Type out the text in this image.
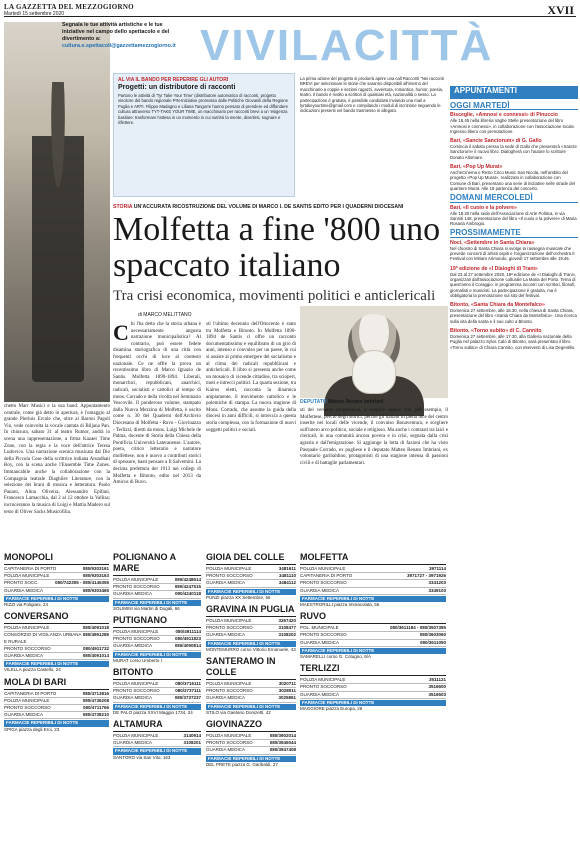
LA GAZZETTA DEL MEZZOGIORNO
Martedì 15 settembre 2020	XVII
Segnala le tue attività artistiche e le tue iniziative nel campo dello spettacolo e del divertimento a:
cultura.e.spettacoli@gazzettamezzogiorno.it VIVILACITTÀ
AL VIA IL BANDO PER REPERIRE GLI AUTORI
Progetti: un distributore di racconti
Partono le attività di 'Tyr Take Your Time' (distributore automatico di racconti, progetto vincitore del bando regionale PIN-Iniziative promosso dalle Politiche Giovanili della Regione Puglia e ARTI. Filippo Madagno e Liliana Tangorre hanno pensato di prendere ed diffondere cultura attraverso TYT-TAKE YOUR TIME, un macchinario per racconti brevi a un 'esigenza basilare: trasformare l'attesa in un momento in cui nutrirsi la mente, divertirsi, sognare e riflettere.
La prima azione del progetto si produrrà aprire una call Racconti "Nei racconti BREVI per selezionare le storie che saranno disponibili all'interno del macchinario a coppie e sezioni ragazzi, avventura, romantico, humor, poesia, teatro. Il bando è rivolto a scrittori di qualsiasi età, nazionalità o sesso. La partecipazione è gratuita, è possibile candidarsi inviando una mail a tyrtakeyourtime@gmail.com e compilando i moduli di iscrizione seguendo le indicazioni presenti nel bando trasmesso in allegato.
STORIA UN'ACCURATA RICOSTRUZIONE DEL VOLUME DI MARCO I. DE SANTIS EDITO PER I QUADERNI DIOCESANI
Molfetta a fine '800 uno spaccato italiano
Tra crisi economica, movimenti politici e anticlericali
di MARCO MELITTANO
chetto Marr Musici e la sua band. Appuntamento centrale, come già detto in apertura, è l'omaggio al grande Pierluis Ercole che, oltre ai Baroni Pagoli Viu, vede coinvolta la vocale cantata di Biljana Pan. In chiusura, sabato 31 al teatro Rumor, andrà in scena una rappresentazione, a firma Kazaer Time Zone, con la regia e la voce dell'attrice Teresa Ludovico. Una narrazione scenica musicata dal Dio della Piccola Cose della scrittrice indiana Arundhati Roy, con la scena anche l'Ensemble Time Zones. Immancabile anche la collaborazione con la Compagnia teatrale Diaghilev Literature, con la selezione dei brani di musica e letteratura. Paolo Panaro, Alina Oliveira, Alessandro Epifani, Francesco Lamacchia, dal 2 al 12 ottobre la Vallisa; incroceranno la musica di Luigi e Mattia Madero sul testo di Oliver Sacks Musicofilia.
C hi l'ha detto che la storia urbana è necessariamente angusta narrazione municipalistica? Al contrario, può essere fedele disamina storiografica di una città con frequenti occhi di luce al contesto nazionale. Ce ne offre la prova un recentissimo libro di Marco Ignazio de Santis. Molfetta 1890-1894. Liberali, monarchici, repubblicani, anarchici, radicali, socialisti e cattolici al tempo di mons. Corrado e della rivolta nel Seminario Vescovile. Il ponderoso volume, stampato dalla Nuova Mezzina di Molfetta, è uscito come n. 30 dei Quaderni dell'Archivio Diocesano di Molfetta - Ruvo - Giovinazzo - Terlizzi, diretti da mons. Luigi Michele de Palma, docente di Storia della Chiesa della Pontificia Università Lateranense. L'autore, poeta, critico letterario e narratore molfettese, non è nuovo a contributi storici di spessore, basti pensare a Il Salvemini. La decima prefettura del 1913 nei collegi di Molfetta e Bitonto, edito nel 2013 da Amicus di Ruvo.
sti l'ultimo decennio dell'Ottocento è stato tra Molfetta e Bitonto. In Molfetta 1890-1894 de Santis ci offre un racconto documentatissimo e equilibrato di un giro di anni, intenso e convulso per un paese, in cui si assiste al primo emergere del socialismo e al clima dei radicali repubblicani e anticlericali. Il libro si presenta anche come un mosaico di vicende cittadine, tra scioperi, moti e intrecci politici. La quarta sezione, tra Kairos eletti, racconta la dinamica ampiamente, il movimento cattolico e le polemiche di stampa. La nuova stagione di Mons. Corrado, che assume la guida della diocesi in anni difficili, si intreccia a questa storia complessa, con la formazione di nuovi soggetti politici e sociali.
DEPUTATO Matteo Renato Imbriani
sti del versante progressista, a scoprire sapere che, per esempio, il Molfettese, perciò degli storici, perché gli italiani in piena luce del centro inserite nei locali delle vicende, il convulso Bonaventura, e scegliere sull'intero arco politico, sociale e religioso. Ma anche i contrasti tra laici e clericali, in una comunità ancora povera e in crisi, segnata dalla crisi agraria e dall'emigrazione. Si aggiunge la lotta di fazioni che ha visto Pasquale Corrado, ex pugliese e il deputato Matteo Renato Imbriani, ex volontario garibaldino, protagonisti di una stagione intensa di passioni civili e di battaglie parlamentari.
MONOPOLI
CAPITANERIA DI PORTO	080/9303161
POLIZIA MUNICIPALE	080/9303163
PRONTO SOCC.	080/742305 - 080/4145355
GUARDIA MEDICA	080/9303465
FARMACIE REPERIBILI DI NOTTE
RIZZI via Poligiani, 24
CONVERSANO
POLIZIA MUNICIPALE	080/4091018
CONSORZIO DI VIGILANZA URBANA E RURALE
080/4951286
PRONTO SOCCORSO	080/4911732
GUARDIA MEDICA	080/4091014
FARMACIE REPERIBILI DI NOTTE
VILELLA piazza Castello, 24
MOLA DI BARI
CAPITANERIA DI PORTO	080/4713816
POLIZIA MUNICIPALE	080/4736208
PRONTO SOCCORSO	080/4711766
GUARDIA MEDICA	080/4738210
FARMACIE REPERIBILI DI NOTTE
SPIGA piazza degli Eroi, 23
POLIGNANO A MARE
POLIZIA MUNICIPALE	080/4248614
PRONTO SOCCORSO	080/4247515
GUARDIA MEDICA	080/4240118
FARMACIE REPERIBILI DI NOTTE
SOLIMINI via Martiri di Dogali, 66
PUTIGNANO
POLIZIA MUNICIPALE	080/4911114
PRONTO SOCCORSO	080/4911823
GUARDIA MEDICA	080/4050814
FARMACIE REPERIBILI DI NOTTE
MURAT corso Umberto I
BITONTO
POLIZIA MUNICIPALE	080/3716111
PRONTO SOCCORSO	080/3737111
GUARDIA MEDICA	080/3737237
FARMACIE REPERIBILI DI NOTTE
DE PALO piazza XXVI Maggio 1734, 24
ALTAMURA
POLIZIA MUNICIPALE	3140914
GUARDIA MEDICA	3108201
FARMACIE REPERIBILI DI NOTTE
SANTORO via San Vito, 163
GIOIA DEL COLLE
POLIZIA MUNICIPALE	3481611
PRONTO SOCCORSO	3481110
GUARDIA MEDICA	3484112
FARMACIE REPERIBILI DI NOTTE
PUNZI piazza XX Settembre, 56
GRAVINA IN PUGLIA
POLIZIA MUNICIPALE	3267420
PRONTO SOCCORSO	3108477
GUARDIA MEDICA	3108202
FARMACIE REPERIBILI DI NOTTE
MONTEMURRO corso Vittorio Emanuele, 43
SANTERAMO IN COLLE
POLIZIA MUNICIPALE	3020711
PRONTO SOCCORSO	3028011
GUARDIA MEDICA	3025861
FARMACIE REPERIBILI DI NOTTE
STILO via Gaetano Donizetti, 42
GIOVINAZZO
POLIZIA MUNICIPALE	080/3902014
PRONTO SOCCORSO	080/3945044
GUARDIA MEDICA	080/3947408
FARMACIE REPERIBILI DI NOTTE
DEL PRETE piazza G. Garibaldi, 27
MOLFETTA
POLIZIA MUNICIPALE	3971114
CAPITANERIA DI PORTO	3971727 - 3971926
PRONTO SOCCORSO	3341203
GUARDIA MEDICA	3349103
FARMACIE REPERIBILI DI NOTTE
MAESTRORILLI piazza Immacolata, 56
RUVO
POL. MUNICIPALE	080/3611184 - 080/3507385
PRONTO SOCCORSO	080/3603060
GUARDIA MEDICA	080/3611050
FARMACIE REPERIBILI DI NOTTE
SAMARELLI corso G. Cotugno, 6/A
TERLIZZI
POLIZIA MUNICIPALE	3511121
PRONTO SOCCORSO	3516600
GUARDIA MEDICA	3516503
FARMACIE REPERIBILI DI NOTTE
MAGGIORE piazza Europa, 26
APPUNTAMENTI
OGGI MARTEDÌ
Bisceglie, «Amnosi e connessi» di Pinuccio
Alle 18.45 nella libreria Vaghe Stelle presentazione del libro «Amnosi e connessi», in collaborazione con l'associazione locale. Ingresso libero con prenotazione.
Bari, «Sancte Sanctorum» di G. Gallo
Comincia il sabato presso la sede di Gallo che presenterà «Sancte Sanctorum» il nuovo libro. Dialogherà con l'autore lo scrittore Donato Altomare.
Bari, «Pop Up Murat»
AncheCinema e ReSo Circo Music San Nicola, nell'ambito del progetto «Pop Up Murat», realizzato in collaborazione con Comune di Bari, presentano una serie di iniziative nelle strade del quartiere Murat. Alle 18 partenza del concerto.
DOMANI MERCOLEDÌ
Bari, «Il cuoio e la polvere»
Alle 18.30 nella sede dell'Associazione di Arte Politica, in via Sanniti 148, presentazione del libro «Il cuoio e la polvere» di Maria Rosaria Ambrogio.
PROSSIMAMENTE
Noci, «Settembre in Santa Chiara»
Nel chiostro di Santa Chiara si svolge la rassegna musicale che prevede concerti di artisti ospiti e l'organizzazione dell'orchestra Il Festival con Miriam Arimondo, giovedì 17 settembre alle 19.45.
19ª edizione de «I Dialoghi di Trani»
Dal 23 al 27 settembre 2020, 19ª edizione de «I Dialoghi di Trani», organizzati dall'associazione culturale La Maria del Porto. Tema di quest'anno il Coraggio: in programma incontri con scrittori, filosofi, giornalisti e musicisti. La partecipazione è gratuita, ma è obbligatoria la prenotazione sul sito del festival.
Bitonto, «Santa Chiara da Montefalco»
Domenica 27 settembre, alle 18.30, nella chiesa di Santa Chiara, presentazione del libro «Santa Chiara da Montefalco». Una ricerca sulla vita della santa e il suo culto a Bitonto.
Bitonto, «Torno subito» di C. Cannito
Domenica 27 settembre, alle 17.30, alla Galleria nazionale della Puglia nel palazzo Sylos Calò di Bitonto, sarà presentato il libro «Torno subito» di Chiara Cannito, con interventi di Lisa Degentilis.
